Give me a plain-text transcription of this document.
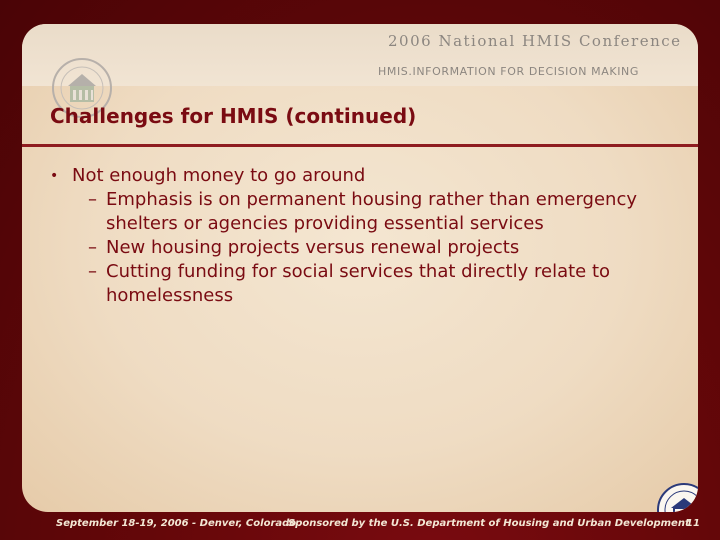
2006 National HMIS Conference
HMIS.INFORMATION FOR DECISION MAKING
Challenges for HMIS (continued)
• Not enough money to go around
– Emphasis is on permanent housing rather than emergency shelters or agencies providing essential services
– New housing projects versus renewal projects
– Cutting funding for social services that directly relate to homelessness
September 18-19, 2006 - Denver, Colorado
Sponsored by the U.S. Department of Housing and Urban Development
11
